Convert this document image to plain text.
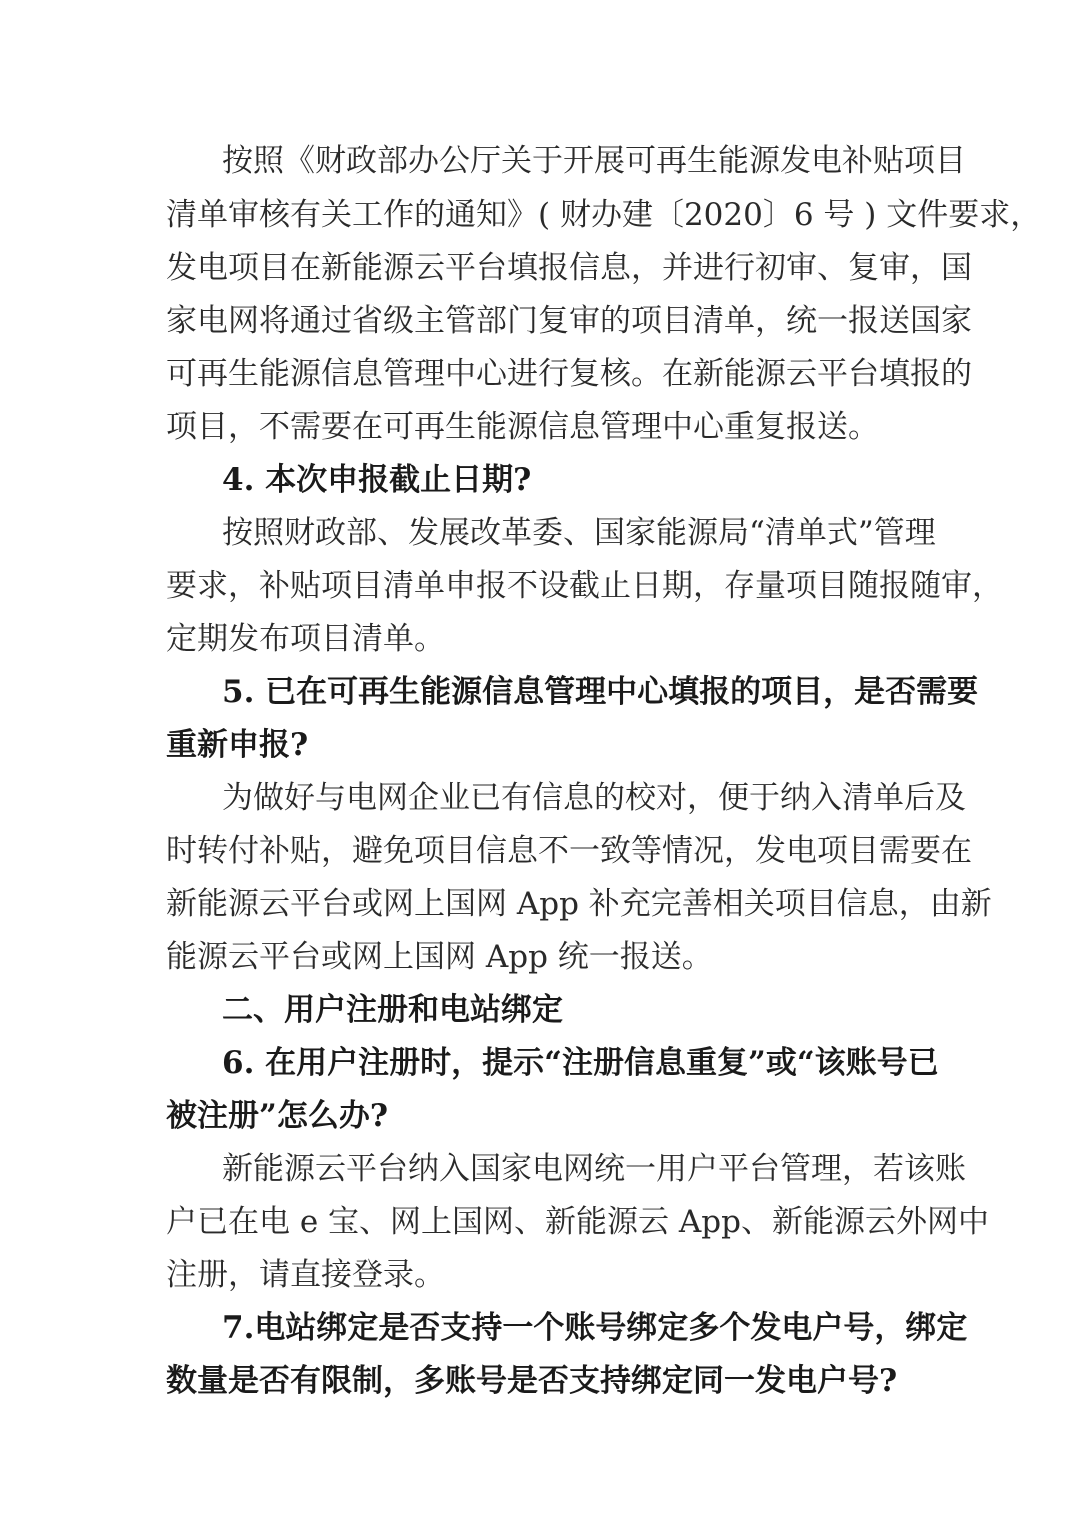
按照《财政部办公厅关于开展可再生能源发电补贴项目
清单审核有关工作的通知》( 财办建〔2020〕6 号 ) 文件要求，
发电项目在新能源云平台填报信息，并进行初审、复审，国
家电网将通过省级主管部门复审的项目清单，统一报送国家
可再生能源信息管理中心进行复核。在新能源云平台填报的
项目，不需要在可再生能源信息管理中心重复报送。
4. 本次申报截止日期?
按照财政部、发展改革委、国家能源局“清单式”管理
要求，补贴项目清单申报不设截止日期，存量项目随报随审，
定期发布项目清单。
5. 已在可再生能源信息管理中心填报的项目，是否需要
重新申报?
为做好与电网企业已有信息的校对，便于纳入清单后及
时转付补贴，避免项目信息不一致等情况，发电项目需要在
新能源云平台或网上国网 App 补充完善相关项目信息，由新
能源云平台或网上国网 App 统一报送。
二、用户注册和电站绑定
6. 在用户注册时，提示“注册信息重复”或“该账号已
被注册”怎么办?
新能源云平台纳入国家电网统一用户平台管理，若该账
户已在电 e 宝、网上国网、新能源云 App、新能源云外网中
注册，请直接登录。
7.电站绑定是否支持一个账号绑定多个发电户号，绑定
数量是否有限制，多账号是否支持绑定同一发电户号?
